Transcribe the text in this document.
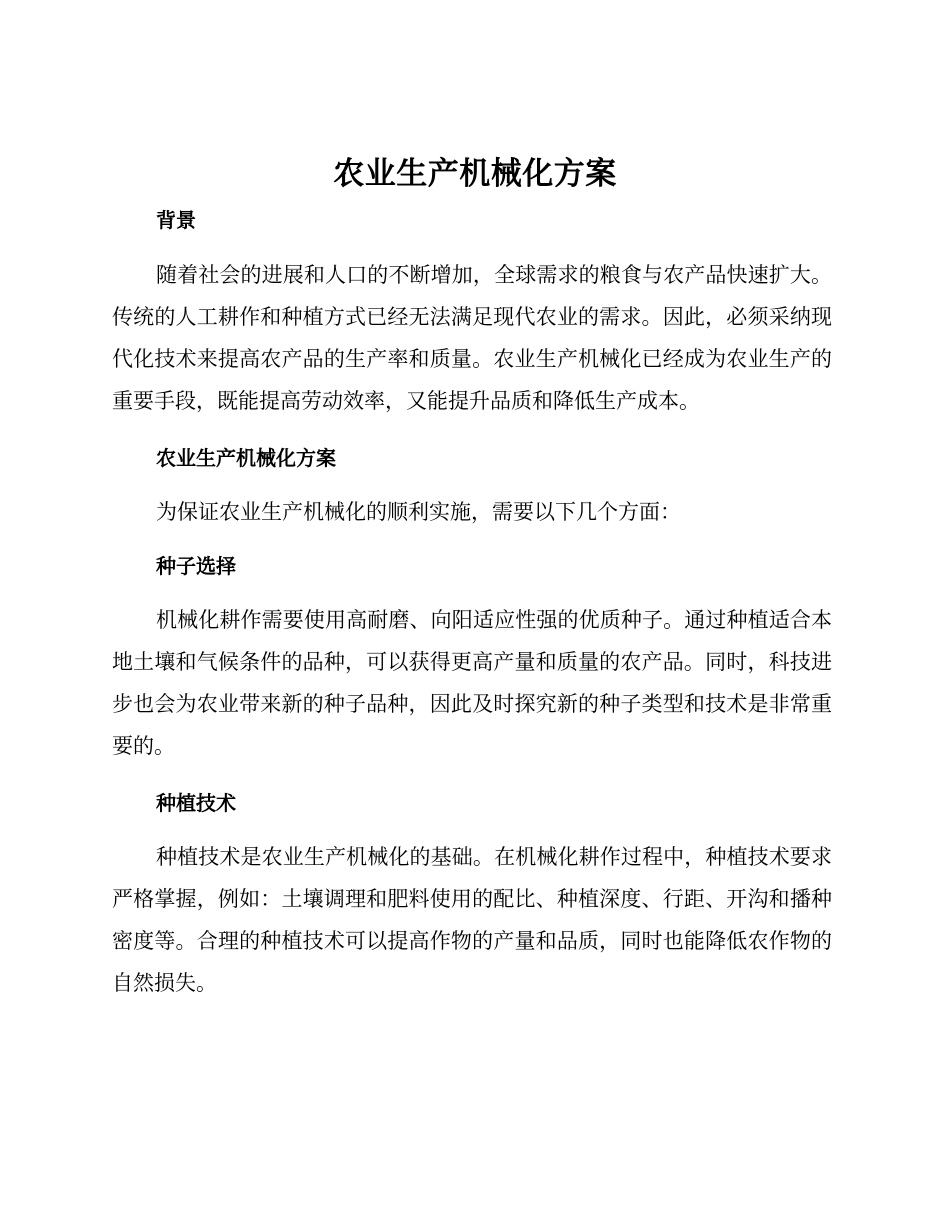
农业生产机械化方案
背景
随着社会的进展和人口的不断增加，全球需求的粮食与农产品快速扩大。传统的人工耕作和种植方式已经无法满足现代农业的需求。因此，必须采纳现代化技术来提高农产品的生产率和质量。农业生产机械化已经成为农业生产的重要手段，既能提高劳动效率，又能提升品质和降低生产成本。
农业生产机械化方案
为保证农业生产机械化的顺利实施，需要以下几个方面：
种子选择
机械化耕作需要使用高耐磨、向阳适应性强的优质种子。通过种植适合本地土壤和气候条件的品种，可以获得更高产量和质量的农产品。同时，科技进步也会为农业带来新的种子品种，因此及时探究新的种子类型和技术是非常重要的。
种植技术
种植技术是农业生产机械化的基础。在机械化耕作过程中，种植技术要求严格掌握，例如：土壤调理和肥料使用的配比、种植深度、行距、开沟和播种密度等。合理的种植技术可以提高作物的产量和品质，同时也能降低农作物的自然损失。
